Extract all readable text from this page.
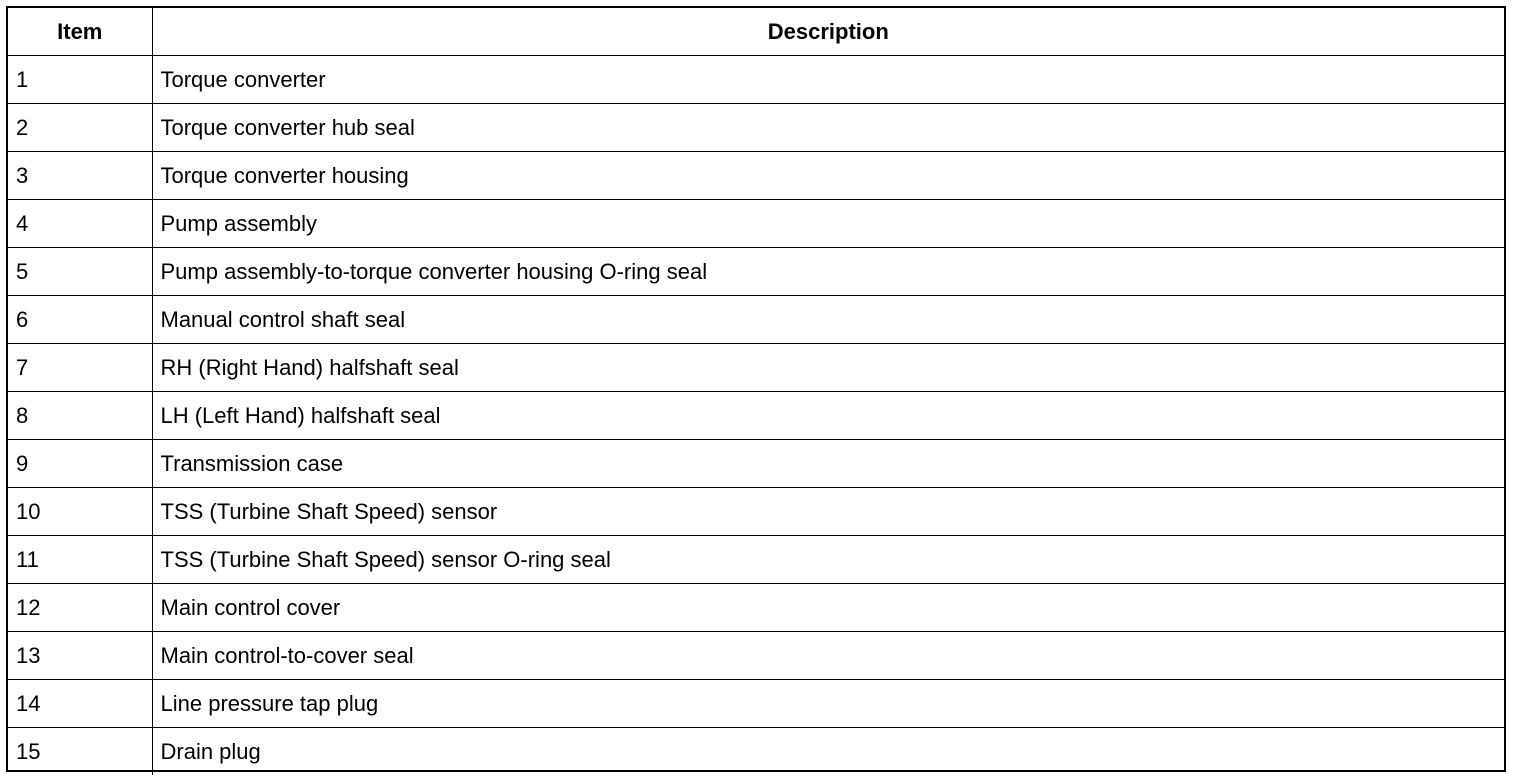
Item	Description
1	Torque converter
2	Torque converter hub seal
3	Torque converter housing
4	Pump assembly
5	Pump assembly-to-torque converter housing O-ring seal
6	Manual control shaft seal
7	RH (Right Hand) halfshaft seal
8	LH (Left Hand) halfshaft seal
9	Transmission case
10	TSS (Turbine Shaft Speed) sensor
11	TSS (Turbine Shaft Speed) sensor O-ring seal
12	Main control cover
13	Main control-to-cover seal
14	Line pressure tap plug
15	Drain plug
